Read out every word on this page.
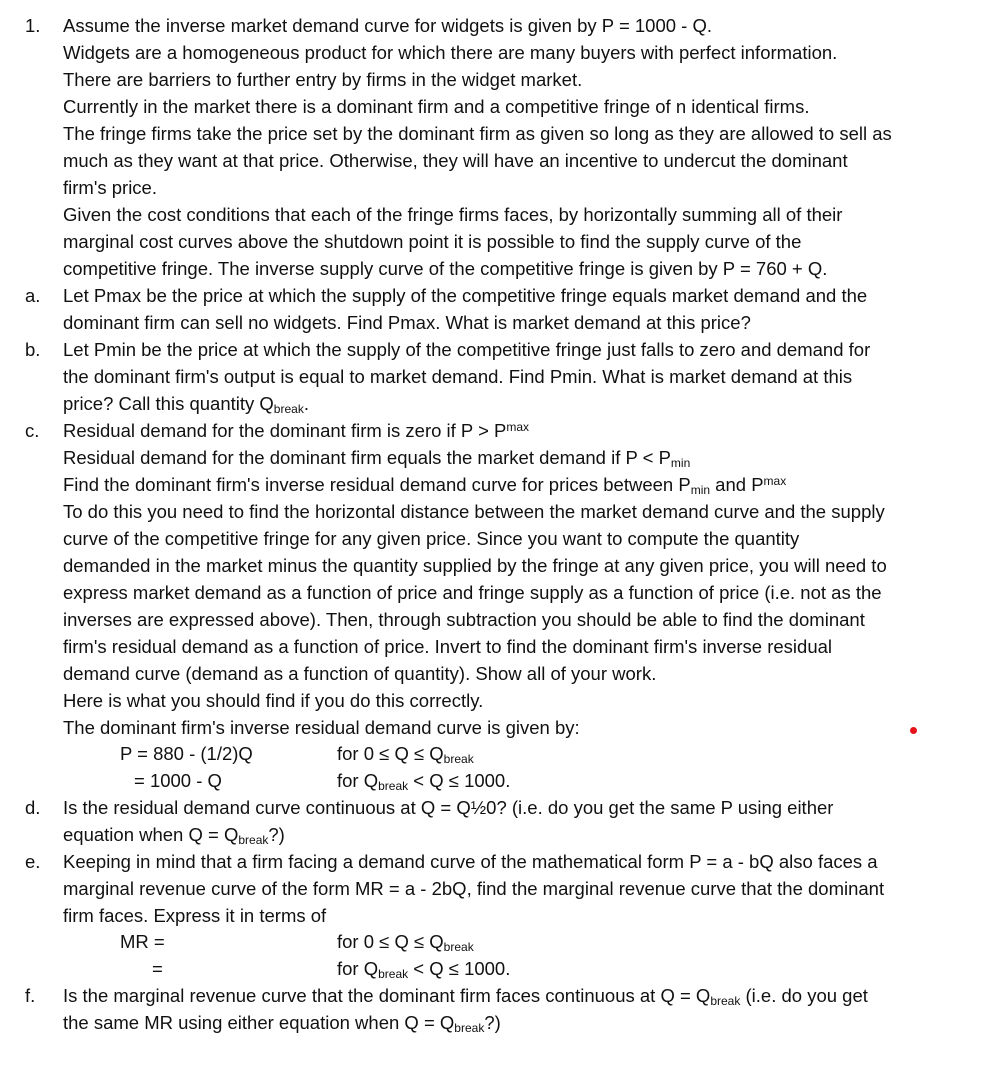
1. Assume the inverse market demand curve for widgets is given by P = 1000 - Q.
Widgets are a homogeneous product for which there are many buyers with perfect information.
There are barriers to further entry by firms in the widget market.
Currently in the market there is a dominant firm and a competitive fringe of n identical firms.
The fringe firms take the price set by the dominant firm as given so long as they are allowed to sell as
much as they want at that price. Otherwise, they will have an incentive to undercut the dominant
firm's price.
Given the cost conditions that each of the fringe firms faces, by horizontally summing all of their
marginal cost curves above the shutdown point it is possible to find the supply curve of the
competitive fringe. The inverse supply curve of the competitive fringe is given by P = 760 + Q.
a. Let Pmax be the price at which the supply of the competitive fringe equals market demand and the
dominant firm can sell no widgets. Find Pmax. What is market demand at this price?
b. Let Pmin be the price at which the supply of the competitive fringe just falls to zero and demand for
the dominant firm's output is equal to market demand. Find Pmin. What is market demand at this
price? Call this quantity $Q_{break}$.
c. Residual demand for the dominant firm is zero if $P > P^{max}$
Residual demand for the dominant firm equals the market demand if $P < P_{min}$
Find the dominant firm's inverse residual demand curve for prices between $P_{min}$ and $P^{max}$
To do this you need to find the horizontal distance between the market demand curve and the supply
curve of the competitive fringe for any given price. Since you want to compute the quantity
demanded in the market minus the quantity supplied by the fringe at any given price, you will need to
express market demand as a function of price and fringe supply as a function of price (i.e. not as the
inverses are expressed above). Then, through subtraction you should be able to find the dominant
firm's residual demand as a function of price. Invert to find the dominant firm's inverse residual
demand curve (demand as a function of quantity). Show all of your work.
Here is what you should find if you do this correctly.
The dominant firm's inverse residual demand curve is given by:
P = 880 - (1/2)Q	for $0 \le Q \le Q_{break}$
= 1000 - Q	for $Q_{break} < Q \le 1000$.
d. Is the residual demand curve continuous at Q = Q½0? (i.e. do you get the same P using either
equation when $Q = Q_{break}$?)
e. Keeping in mind that a firm facing a demand curve of the mathematical form P = a - bQ also faces a
marginal revenue curve of the form MR = a - 2bQ, find the marginal revenue curve that the dominant
firm faces. Express it in terms of
MR =	for $0 \le Q \le Q_{break}$
=	for $Q_{break} < Q \le 1000$.
f. Is the marginal revenue curve that the dominant firm faces continuous at $Q = Q_{break}$ (i.e. do you get
the same MR using either equation when $Q = Q_{break}$?)
